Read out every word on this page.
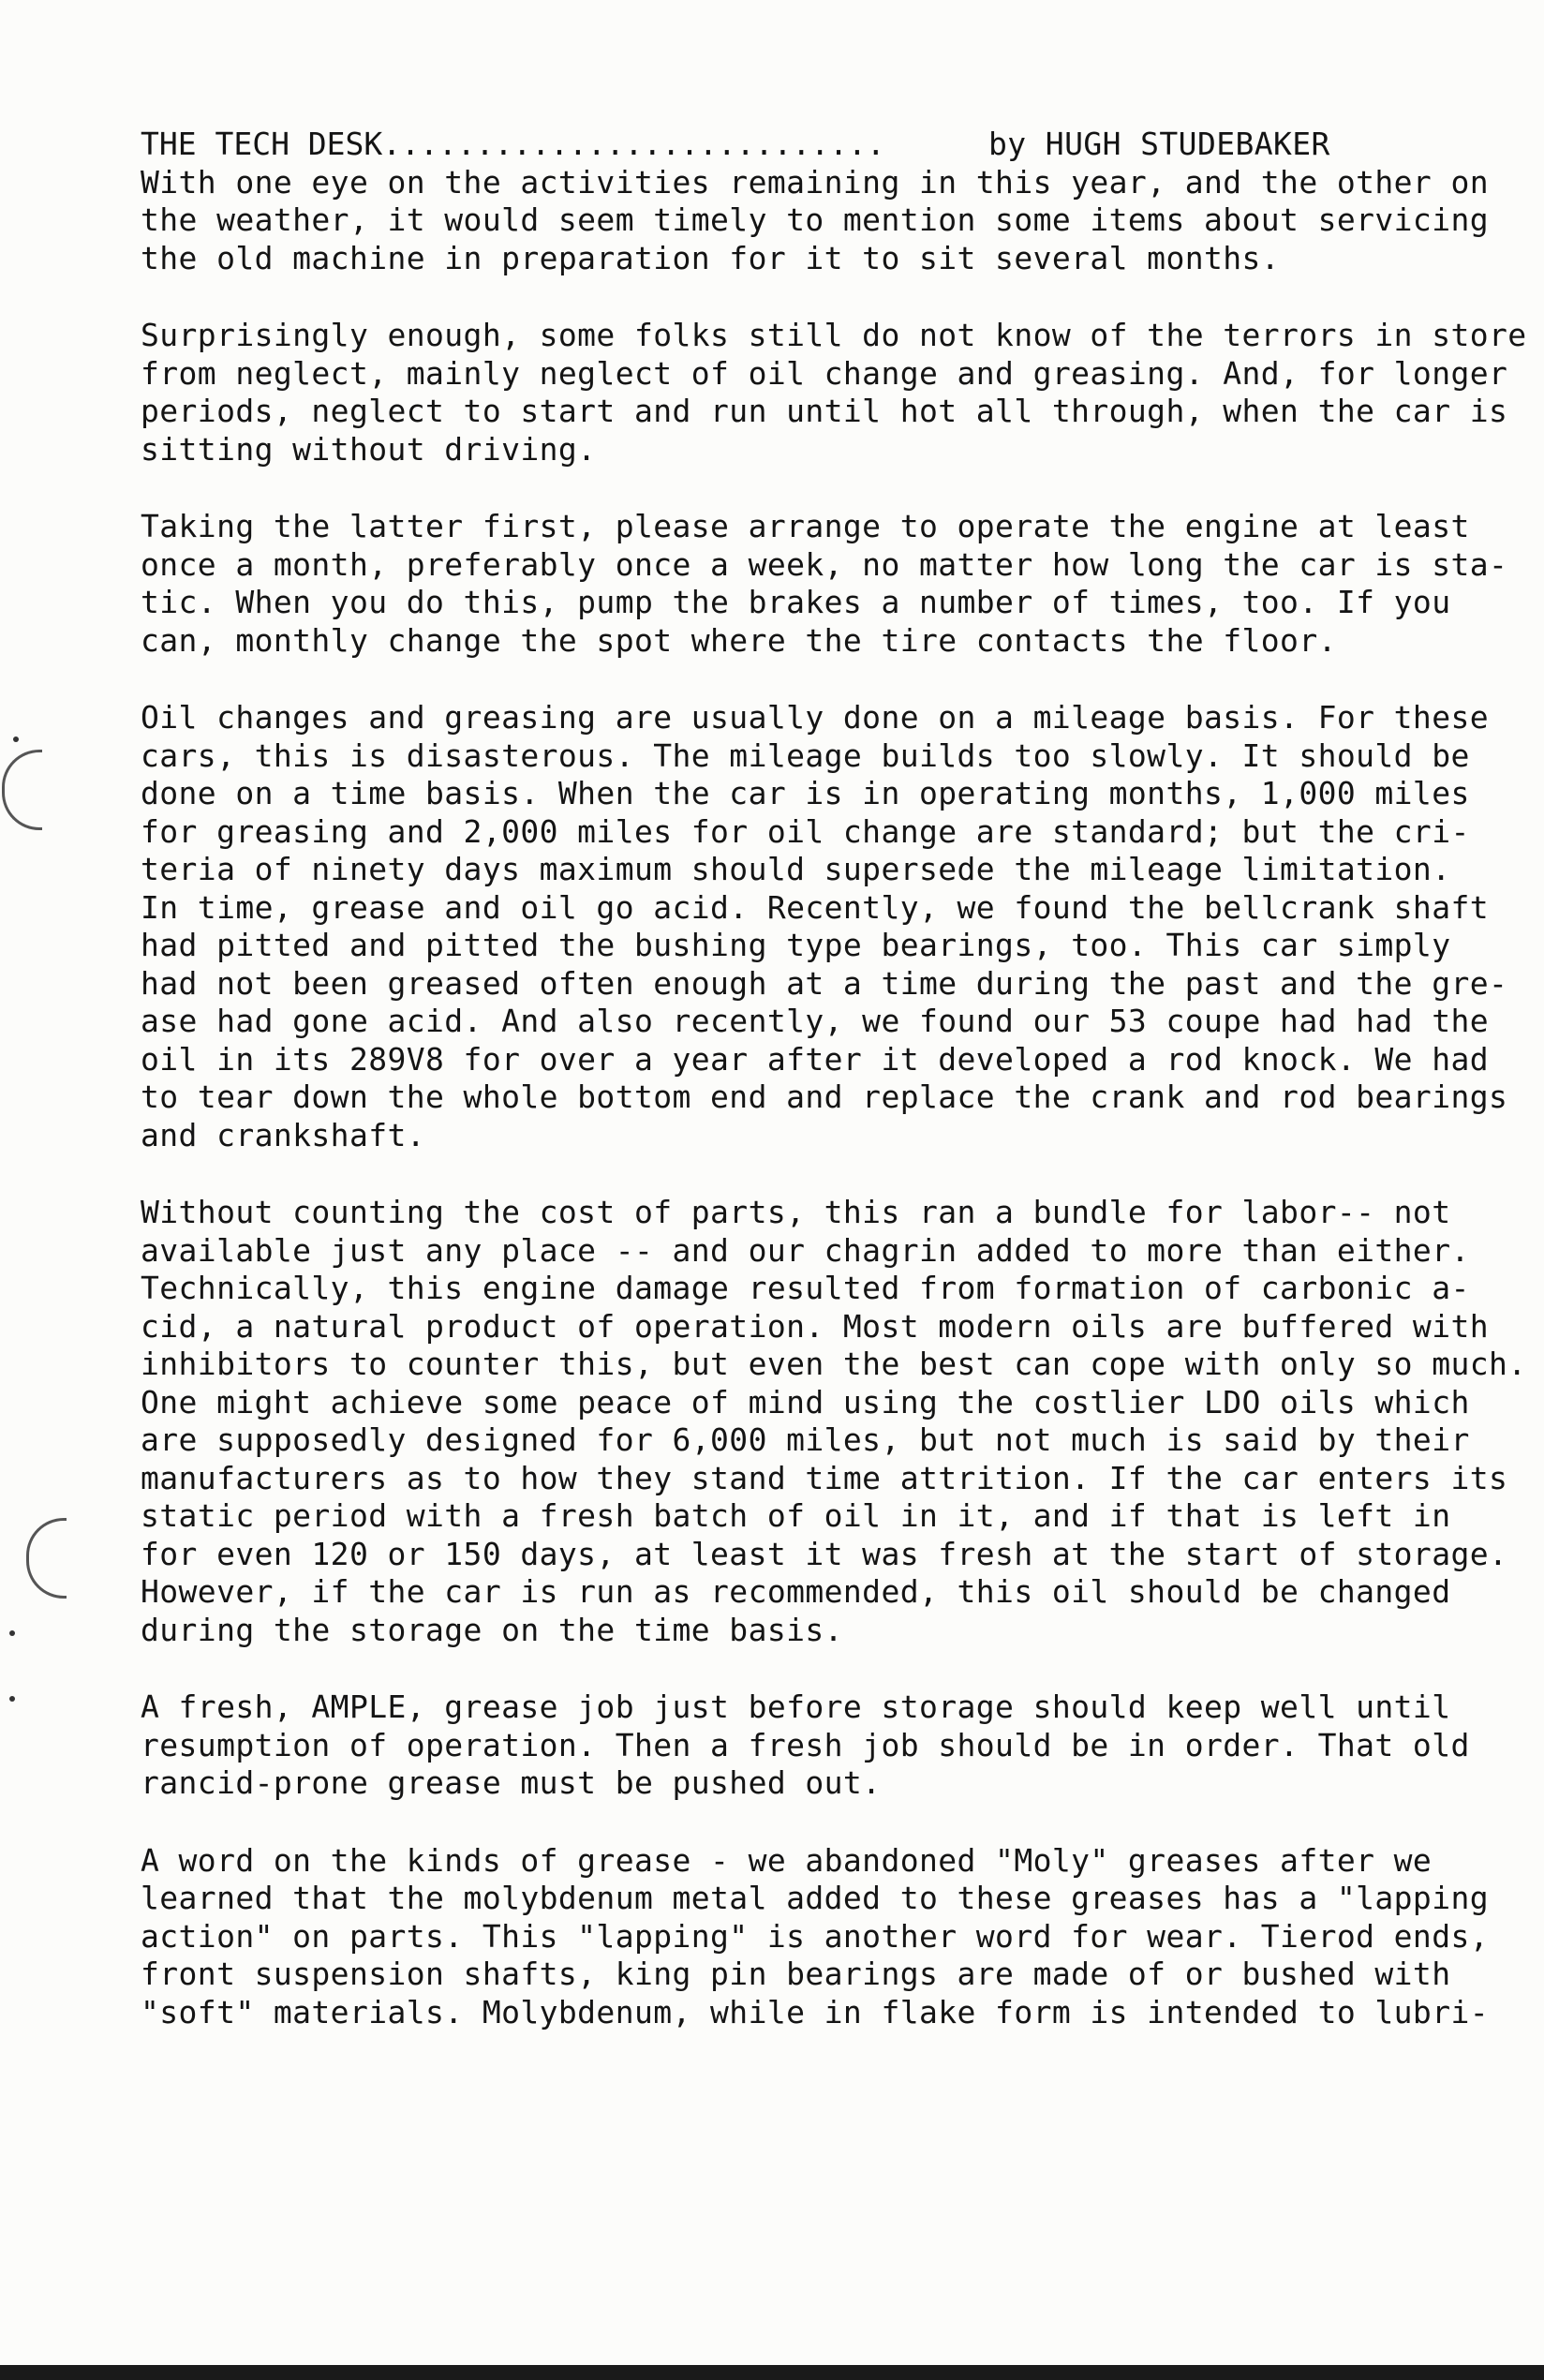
THE TECH DESK...........................
With one eye on the activities remaining in this year, and the other on
the weather, it would seem timely to mention some items about servicing
the old machine in preparation for it to sit several months.
Surprisingly enough, some folks still do not know of the terrors in store
from neglect, mainly neglect of oil change and greasing. And, for longer
periods, neglect to start and run until hot all through, when the car is
sitting without driving.
Taking the latter first, please arrange to operate the engine at least
once a month, preferably once a week, no matter how long the car is sta-
tic. When you do this, pump the brakes a number of times, too. If you
can, monthly change the spot where the tire contacts the floor.
Oil changes and greasing are usually done on a mileage basis. For these
cars, this is disasterous. The mileage builds too slowly. It should be
done on a time basis. When the car is in operating months, 1,000 miles
for greasing and 2,000 miles for oil change are standard; but the cri-
teria of ninety days maximum should supersede the mileage limitation.
In time, grease and oil go acid. Recently, we found the bellcrank shaft
had pitted and pitted the bushing type bearings, too. This car simply
had not been greased often enough at a time during the past and the gre-
ase had gone acid. And also recently, we found our 53 coupe had had the
oil in its 289V8 for over a year after it developed a rod knock. We had
to tear down the whole bottom end and replace the crank and rod bearings
and crankshaft.
Without counting the cost of parts, this ran a bundle for labor-- not
available just any place -- and our chagrin added to more than either.
Technically, this engine damage resulted from formation of carbonic a-
cid, a natural product of operation. Most modern oils are buffered with
inhibitors to counter this, but even the best can cope with only so much.
One might achieve some peace of mind using the costlier LDO oils which
are supposedly designed for 6,000 miles, but not much is said by their
manufacturers as to how they stand time attrition. If the car enters its
static period with a fresh batch of oil in it, and if that is left in
for even 120 or 150 days, at least it was fresh at the start of storage.
However, if the car is run as recommended, this oil should be changed
during the storage on the time basis.
A fresh, AMPLE, grease job just before storage should keep well until
resumption of operation. Then a fresh job should be in order. That old
rancid-prone grease must be pushed out.
A word on the kinds of grease - we abandoned "Moly" greases after we
learned that the molybdenum metal added to these greases has a "lapping
action" on parts. This "lapping" is another word for wear. Tierod ends,
front suspension shafts, king pin bearings are made of or bushed with
"soft" materials. Molybdenum, while in flake form is intended to lubri-
by HUGH STUDEBAKER
